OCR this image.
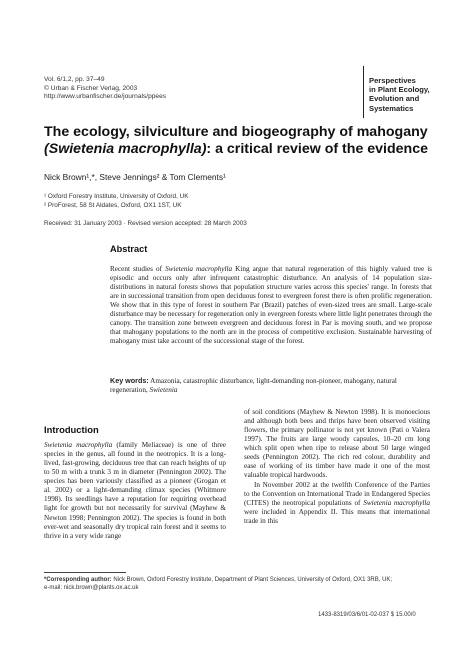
Vol. 6/1,2, pp. 37–49
© Urban & Fischer Verlag, 2003
http://www.urbanfischer.de/journals/ppees
Perspectives
in Plant Ecology,
Evolution and
Systematics
The ecology, silviculture and biogeography of mahogany
(Swietenia macrophylla): a critical review of the evidence
Nick Brown¹,*, Steve Jennings² & Tom Clements¹
¹ Oxford Forestry Institute, University of Oxford, UK
² ProForest, 58 St Aldates, Oxford, OX1 1ST, UK
Received: 31 January 2003 · Revised version accepted: 28 March 2003
Abstract
Recent studies of Swietenia macrophylla King argue that natural regeneration of this highly valued tree is episodic and occurs only after infrequent catastrophic disturbance. An analysis of 14 population size-distributions in natural forests shows that population structure varies across this species' range. In forests that are in successional transition from open deciduous forest to evergreen forest there is often prolific regeneration. We show that in this type of forest in southern Par (Brazil) patches of even-sized trees are small. Large-scale disturbance may be necessary for regeneration only in evergreen forests where little light penetrates through the canopy. The transition zone between evergreen and deciduous forest in Par is moving south, and we propose that mahogany populations to the north are in the process of competitive exclusion. Sustainable harvesting of mahogany must take account of the successional stage of the forest.
Key words: Amazonia, catastrophic disturbance, light-demanding non-pioneer, mahogany, natural regeneration, Swietenia
Introduction
Swietenia macrophylla (family Meliaceae) is one of three species in the genus, all found in the neotropics. It is a long-lived, fast-growing, deciduous tree that can reach heights of up to 50 m with a trunk 3 m in diameter (Pennington 2002). The species has been variously classified as a pioneer (Grogan et al. 2002) or a light-demanding climax species (Whitmore 1998). Its seedlings have a reputation for requiring overhead light for growth but not necessarily for survival (Mayhew & Newton 1998; Pennington 2002). The species is found in both ever-wet and seasonally dry tropical rain forest and it seems to thrive in a very wide range
of soil conditions (Mayhew & Newton 1998). It is monoecious and although both bees and thrips have been observed visiting flowers, the primary pollinator is not yet known (Pati o Valera 1997). The fruits are large woody capsules, 10–20 cm long which split open when ripe to release about 50 large winged seeds (Pennington 2002). The rich red colour, durability and ease of working of its timber have made it one of the most valuable tropical hardwoods.
In November 2002 at the twelfth Conference of the Parties to the Convention on International Trade in Endangered Species (CITES) the neotropical populations of Swietenia macrophylla were included in Appendix II. This means that international trade in this
*Corresponding author: Nick Brown, Oxford Forestry Institute, Department of Plant Sciences, University of Oxford, OX1 3RB, UK;
e-mail: nick.brown@plants.ox.ac.uk
1433-8319/03/6/01-02-037 $ 15.00/0
